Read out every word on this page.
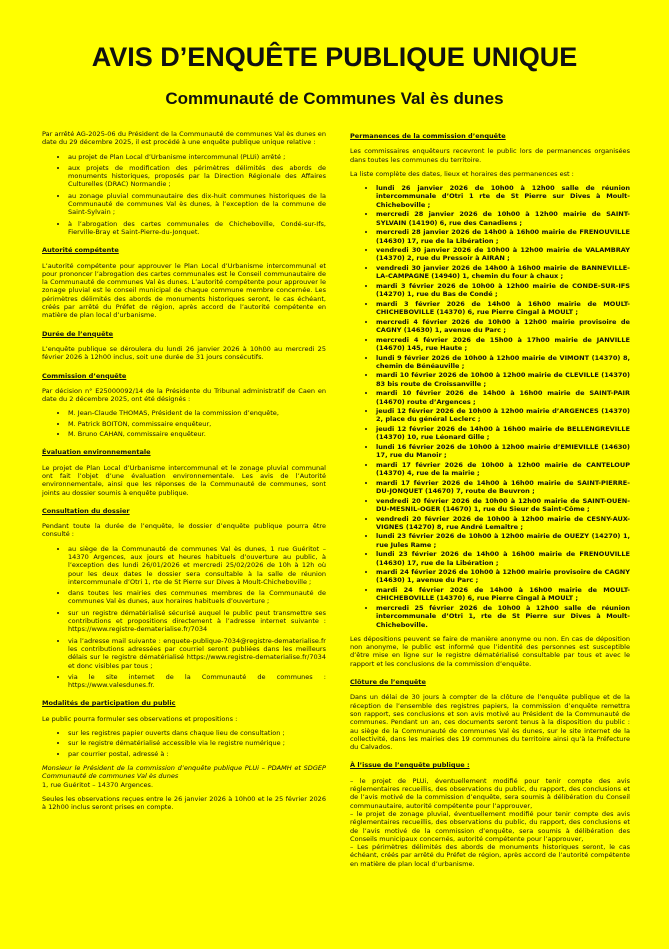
AVIS D’ENQUÊTE PUBLIQUE UNIQUE
Communauté de Communes Val ès dunes

Par arrêté AG-2025-06 du Président de la Communauté de communes Val ès dunes en date du 29 décembre 2025, il est procédé à une enquête publique unique relative :

• au projet de Plan Local d’Urbanisme intercommunal (PLUi) arrêté ;
• aux projets de modification des périmètres délimités des abords de monuments historiques, proposés par la Direction Régionale des Affaires Culturelles (DRAC) Normandie ;
• au zonage pluvial communautaire des dix-huit communes historiques de la Communauté de communes Val ès dunes, à l’exception de la commune de Saint-Sylvain ;
• à l’abrogation des cartes communales de Chicheboville, Condé-sur-Ifs, Fierville-Bray et Saint-Pierre-du-Jonquet.
Autorité compétente

L’autorité compétente pour approuver le Plan Local d’Urbanisme intercommunal et pour prononcer l’abrogation des cartes communales est le Conseil communautaire de la Communauté de communes Val ès dunes. L’autorité compétente pour approuver le zonage pluvial est le conseil municipal de chaque commune membre concernée. Les périmètres délimités des abords de monuments historiques seront, le cas échéant, créés par arrêté du Préfet de région, après accord de l’autorité compétente en matière de plan local d’urbanisme.

Durée de l’enquête

L’enquête publique se déroulera du lundi 26 janvier 2026 à 10h00 au mercredi 25 février 2026 à 12h00 inclus, soit une durée de 31 jours consécutifs.

Commission d’enquête

Par décision n° E25000092/14 de la Présidente du Tribunal administratif de Caen en date du 2 décembre 2025, ont été désignés :

• M. Jean-Claude THOMAS, Président de la commission d’enquête,
• M. Patrick BOITON, commissaire enquêteur,
• M. Bruno CAHAN, commissaire enquêteur.
Évaluation environnementale

Le projet de Plan Local d’Urbanisme intercommunal et le zonage pluvial communal ont fait l’objet d’une évaluation environnementale. Les avis de l’Autorité environnementale, ainsi que les réponses de la Communauté de communes, sont joints au dossier soumis à enquête publique.

Consultation du dossier

Pendant toute la durée de l’enquête, le dossier d’enquête publique pourra être consulté :

• au siège de la Communauté de communes Val ès dunes, 1 rue Guéritot – 14370 Argences, aux jours et heures habituels d’ouverture au public, à l’exception des lundi 26/01/2026 et mercredi 25/02/2026 de 10h à 12h où pour les deux dates le dossier sera consultable à la salle de réunion intercommunale d’Otri 1, rte de St Pierre sur Dives à Moult-Chicheboville ;
• dans toutes les mairies des communes membres de la Communauté de communes Val ès dunes, aux horaires habituels d’ouverture ;
• sur un registre dématérialisé sécurisé auquel le public peut transmettre ses contributions et propositions directement à l’adresse internet suivante : https://www.registre-dematerialise.fr/7034
• via l’adresse mail suivante : enquete-publique-7034@registre-dematerialise.fr les contributions adressées par courriel seront publiées dans les meilleurs délais sur le registre dématérialisé https://www.registre-dematerialise.fr/7034 et donc visibles par tous ;
• via le site internet de la Communauté de communes : https://www.valesdunes.fr.
Modalités de participation du public

Le public pourra formuler ses observations et propositions :

• sur les registres papier ouverts dans chaque lieu de consultation ;
• sur le registre dématérialisé accessible via le registre numérique ;
• par courrier postal, adressé à :

Monsieur le Président de la commission d’enquête publique PLUi – PDAMH et SDGEP Communauté de communes Val ès dunes

1, rue Guéritot – 14370 Argences.

Seules les observations reçues entre le 26 janvier 2026 à 10h00 et le 25 février 2026 à 12h00 inclus seront prises en compte.

Permanences de la commission d’enquête

Les commissaires enquêteurs recevront le public lors de permanences organisées dans toutes les communes du territoire.

La liste complète des dates, lieux et horaires des permanences est :

• lundi 26 janvier 2026 de 10h00 à 12h00 salle de réunion intercommunale d’Otri 1 rte de St Pierre sur Dives à Moult-Chicheboville ;
• mercredi 28 janvier 2026 de 10h00 à 12h00 mairie de SAINT-SYLVAIN (14190) 6, rue des Canadiens ;
• mercredi 28 janvier 2026 de 14h00 à 16h00 mairie de FRENOUVILLE (14630) 17, rue de la Libération ;
• vendredi 30 janvier 2026 de 10h00 à 12h00 mairie de VALAMBRAY (14370) 2, rue du Pressoir à AIRAN ;
• vendredi 30 janvier 2026 de 14h00 à 16h00 mairie de BANNEVILLE-LA-CAMPAGNE (14940) 1, chemin du four à chaux ;
• mardi 3 février 2026 de 10h00 à 12h00 mairie de CONDE-SUR-IFS (14270) 1, rue du Bas de Condé ;
• mardi 3 février 2026 de 14h00 à 16h00 mairie de MOULT-CHICHEBOVILLE (14370) 6, rue Pierre Cingal à MOULT ;
• mercredi 4 février 2026 de 10h00 à 12h00 mairie provisoire de CAGNY (14630) 1, avenue du Parc ;
• mercredi 4 février 2026 de 15h00 à 17h00 mairie de JANVILLE (14670) 145, rue Haute ;
• lundi 9 février 2026 de 10h00 à 12h00 mairie de VIMONT (14370) 8, chemin de Bénéauville ;
• mardi 10 février 2026 de 10h00 à 12h00 mairie de CLEVILLE (14370) 83 bis route de Croissanville ;
• mardi 10 février 2026 de 14h00 à 16h00 mairie de SAINT-PAIR (14670) route d’Argences ;
• jeudi 12 février 2026 de 10h00 à 12h00 mairie d’ARGENCES (14370) 2, place du général Leclerc ;
• jeudi 12 février 2026 de 14h00 à 16h00 mairie de BELLENGREVILLE (14370) 10, rue Léonard Gille ;
• lundi 16 février 2026 de 10h00 à 12h00 mairie d’EMIEVILLE (14630) 17, rue du Manoir ;
• mardi 17 février 2026 de 10h00 à 12h00 mairie de CANTELOUP (14370) 4, rue de la mairie ;
• mardi 17 février 2026 de 14h00 à 16h00 mairie de SAINT-PIERRE-DU-JONQUET (14670) 7, route de Beuvron ;
• vendredi 20 février 2026 de 10h00 à 12h00 mairie de SAINT-OUEN-DU-MESNIL-OGER (14670) 1, rue du Sieur de Saint-Côme ;
• vendredi 20 février 2026 de 10h00 à 12h00 mairie de CESNY-AUX-VIGNES (14270) 8, rue André Lemaître ;
• lundi 23 février 2026 de 10h00 à 12h00 mairie de OUEZY (14270) 1, rue Jules Rame ;
• lundi 23 février 2026 de 14h00 à 16h00 mairie de FRENOUVILLE (14630) 17, rue de la Libération ;
• mardi 24 février 2026 de 10h00 à 12h00 mairie provisoire de CAGNY (14630) 1, avenue du Parc ;
• mardi 24 février 2026 de 14h00 à 16h00 mairie de MOULT-CHICHEBOVILLE (14370) 6, rue Pierre Cingal à MOULT ;
• mercredi 25 février 2026 de 10h00 à 12h00 salle de réunion intercommunale d’Otri 1, rte de St Pierre sur Dives à Moult-Chicheboville.

Les dépositions peuvent se faire de manière anonyme ou non. En cas de déposition non anonyme, le public est informé que l’identité des personnes est susceptible d’être mise en ligne sur le registre dématérialisé consultable par tous et avec le rapport et les conclusions de la commission d’enquête.

Clôture de l’enquête

Dans un délai de 30 jours à compter de la clôture de l’enquête publique et de la réception de l’ensemble des registres papiers, la commission d’enquête remettra son rapport, ses conclusions et son avis motivé au Président de la Communauté de communes. Pendant un an, ces documents seront tenus à la disposition du public : au siège de la Communauté de communes Val ès dunes, sur le site internet de la collectivité, dans les mairies des 19 communes du territoire ainsi qu’à la Préfecture du Calvados.

À l’issue de l’enquête publique :

– le projet de PLUi, éventuellement modifié pour tenir compte des avis réglementaires recueillis, des observations du public, du rapport, des conclusions et de l’avis motivé de la commission d’enquête, sera soumis à délibération du Conseil communautaire, autorité compétente pour l’approuver,

– le projet de zonage pluvial, éventuellement modifié pour tenir compte des avis réglementaires recueillis, des observations du public, du rapport, des conclusions et de l’avis motivé de la commission d’enquête, sera soumis à délibération des Conseils municipaux concernés, autorité compétente pour l’approuver,

– Les périmètres délimités des abords de monuments historiques seront, le cas échéant, créés par arrêté du Préfet de région, après accord de l’autorité compétente en matière de plan local d’urbanisme.
